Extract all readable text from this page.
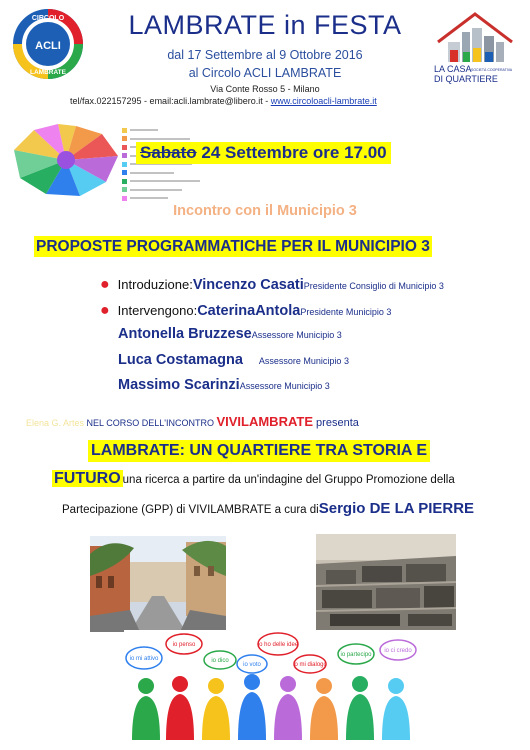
ACLI
CIRCOLO
LAMBRATE
LAMBRATE in FESTA
dal 17 Settembre al 9 Ottobre 2016
al Circolo ACLI LAMBRATE
Via Conte Rosso 5 - Milano
tel/fax.022157295 - email:acli.lambrate@libero.it - www.circoloacli-lambrate.it
LA CASA SOCIETÀ COOPERATIVA
DI QUARTIERE
Sabato 24 Settembre ore 17.00
Incontro con il Municipio 3
PROPOSTE PROGRAMMATICHE PER IL MUNICIPIO 3
● Introduzione: Vincenzo Casati Presidente Consiglio di Municipio 3
● Intervengono: CaterinaAntola Presidente Municipio 3
Antonella Bruzzese Assessore Municipio 3
Luca Costamagna Assessore Municipio 3
Massimo Scarinzi Assessore Municipio 3
Elena G. Artes NEL CORSO DELL'INCONTRO VIVILAMBRATE presenta
LAMBRATE: UN QUARTIERE TRA STORIA E
FUTURO una ricerca a partire da un'indagine del Gruppo Promozione della
Partecipazione (GPP) di VIVILAMBRATE a cura diSergio DE LA PIERRE
io mi attivo
io penso	io ho delle idee
io dico
io voto	io mi dialogo
io partecipo
io ci credo
